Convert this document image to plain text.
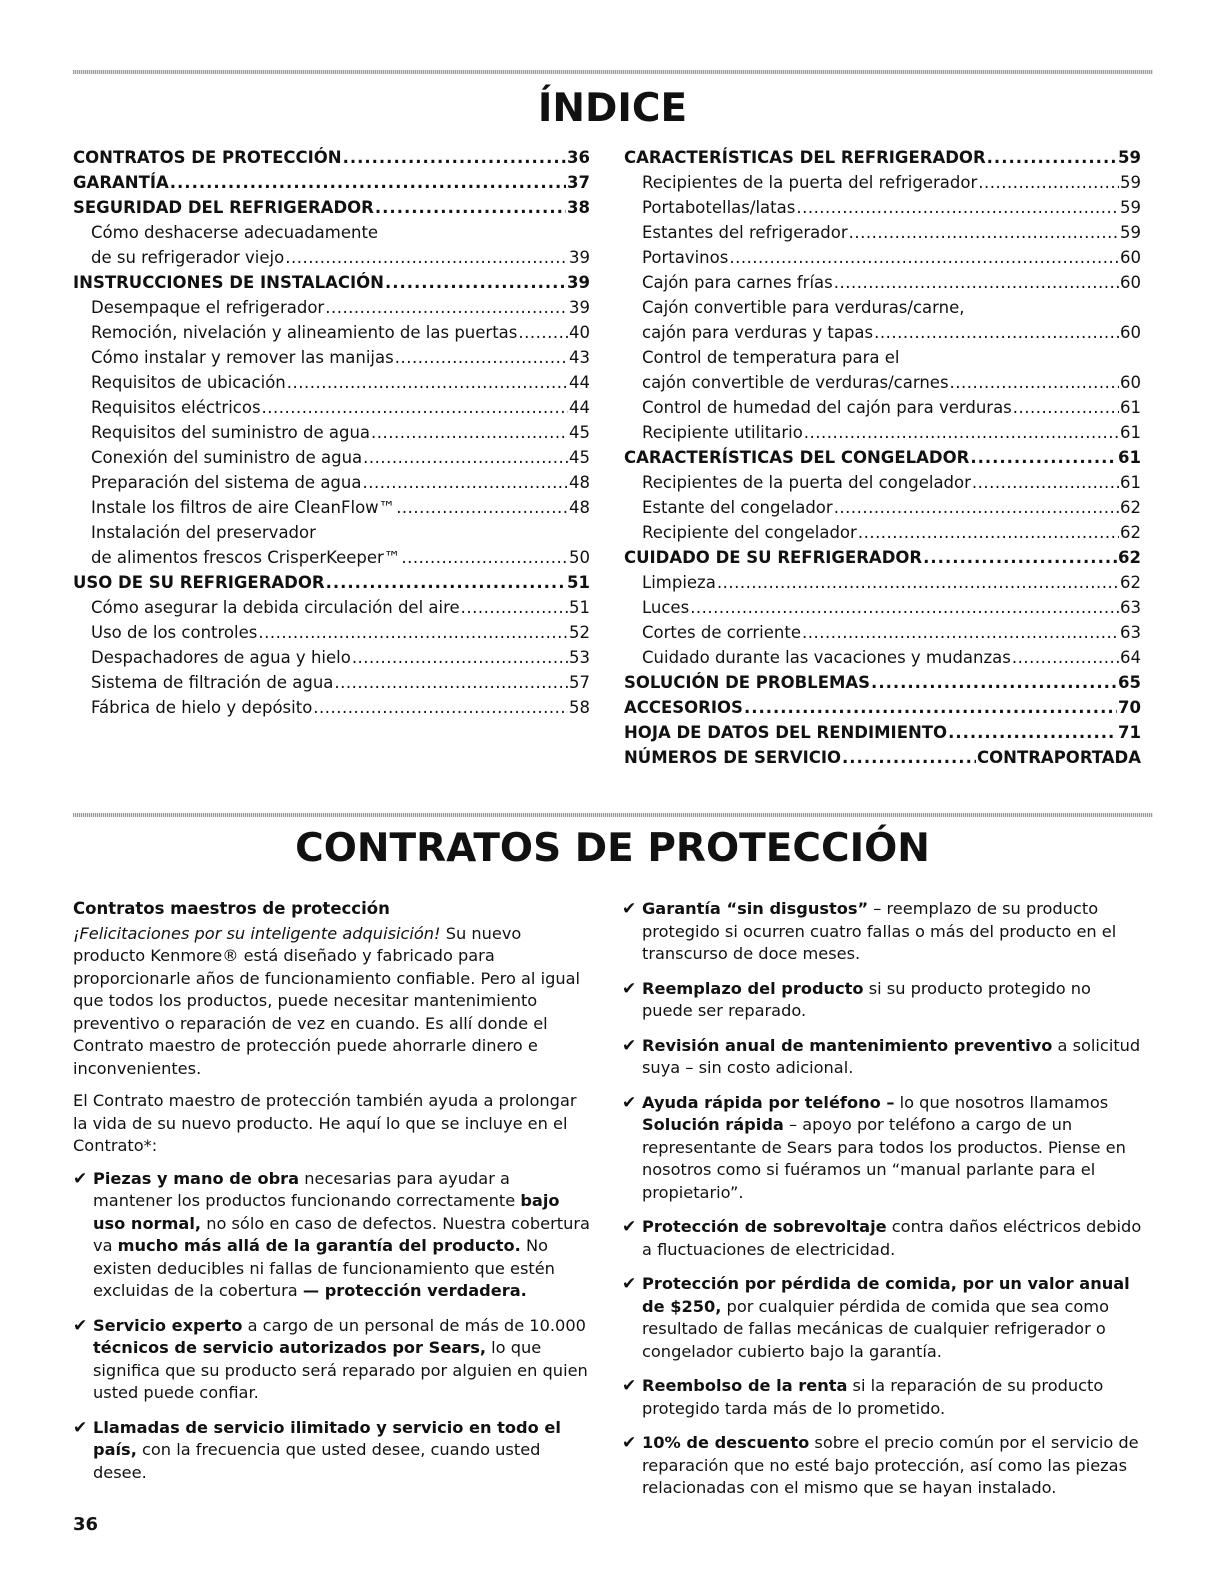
ÍNDICE
CONTRATOS DE PROTECCIÓN .....	36
GARANTÍA .....	37
SEGURIDAD DEL REFRIGERADOR .....	38
Cómo deshacerse adecuadamente
de su refrigerador viejo .....	39
INSTRUCCIONES DE INSTALACIÓN .....	39
Desempaque el refrigerador .....	39
Remoción, nivelación y alineamiento de las puertas .....	40
Cómo instalar y remover las manijas .....	43
Requisitos de ubicación .....	44
Requisitos eléctricos .....	44
Requisitos del suministro de agua .....	45
Conexión del suministro de agua .....	45
Preparación del sistema de agua .....	48
Instale los filtros de aire CleanFlow™ .....	48
Instalación del preservador
de alimentos frescos CrisperKeeper™ .....	50
USO DE SU REFRIGERADOR .....	51
Cómo asegurar la debida circulación del aire .....	51
Uso de los controles .....	52
Despachadores de agua y hielo .....	53
Sistema de filtración de agua .....	57
Fábrica de hielo y depósito .....	58
CARACTERÍSTICAS DEL REFRIGERADOR .....	59
Recipientes de la puerta del refrigerador .....	59
Portabotellas/latas .....	59
Estantes del refrigerador .....	59
Portavinos .....	60
Cajón para carnes frías .....	60
Cajón convertible para verduras/carne,
cajón para verduras y tapas .....	60
Control de temperatura para el
cajón convertible de verduras/carnes .....	60
Control de humedad del cajón para verduras .....	61
Recipiente utilitario .....	61
CARACTERÍSTICAS DEL CONGELADOR .....	61
Recipientes de la puerta del congelador .....	61
Estante del congelador .....	62
Recipiente del congelador .....	62
CUIDADO DE SU REFRIGERADOR .....	62
Limpieza .....	62
Luces .....	63
Cortes de corriente .....	63
Cuidado durante las vacaciones y mudanzas .....	64
SOLUCIÓN DE PROBLEMAS .....	65
ACCESORIOS .....	70
HOJA DE DATOS DEL RENDIMIENTO .....	71
NÚMEROS DE SERVICIO .....	CONTRAPORTADA
CONTRATOS DE PROTECCIÓN
Contratos maestros de protección

¡Felicitaciones por su inteligente adquisición! Su nuevo producto Kenmore® está diseñado y fabricado para proporcionarle años de funcionamiento confiable. Pero al igual que todos los productos, puede necesitar mantenimiento preventivo o reparación de vez en cuando. Es allí donde el Contrato maestro de protección puede ahorrarle dinero e inconvenientes.

El Contrato maestro de protección también ayuda a prolongar la vida de su nuevo producto. He aquí lo que se incluye en el Contrato*:

✔ Piezas y mano de obra necesarias para ayudar a mantener los productos funcionando correctamente bajo uso normal, no sólo en caso de defectos. Nuestra cobertura va mucho más allá de la garantía del producto. No existen deducibles ni fallas de funcionamiento que estén excluidas de la cobertura — protección verdadera.
✔ Servicio experto a cargo de un personal de más de 10.000 técnicos de servicio autorizados por Sears, lo que significa que su producto será reparado por alguien en quien usted puede confiar.
✔ Llamadas de servicio ilimitado y servicio en todo el país, con la frecuencia que usted desee, cuando usted desee.
✔ Garantía “sin disgustos” – reemplazo de su producto protegido si ocurren cuatro fallas o más del producto en el transcurso de doce meses.
✔ Reemplazo del producto si su producto protegido no puede ser reparado.
✔ Revisión anual de mantenimiento preventivo a solicitud suya – sin costo adicional.
✔ Ayuda rápida por teléfono – lo que nosotros llamamos Solución rápida – apoyo por teléfono a cargo de un representante de Sears para todos los productos. Piense en nosotros como si fuéramos un “manual parlante para el propietario”.
✔ Protección de sobrevoltaje contra daños eléctricos debido a fluctuaciones de electricidad.
✔ Protección por pérdida de comida, por un valor anual de $250, por cualquier pérdida de comida que sea como resultado de fallas mecánicas de cualquier refrigerador o congelador cubierto bajo la garantía.
✔ Reembolso de la renta si la reparación de su producto protegido tarda más de lo prometido.
✔ 10% de descuento sobre el precio común por el servicio de reparación que no esté bajo protección, así como las piezas relacionadas con el mismo que se hayan instalado.
36
